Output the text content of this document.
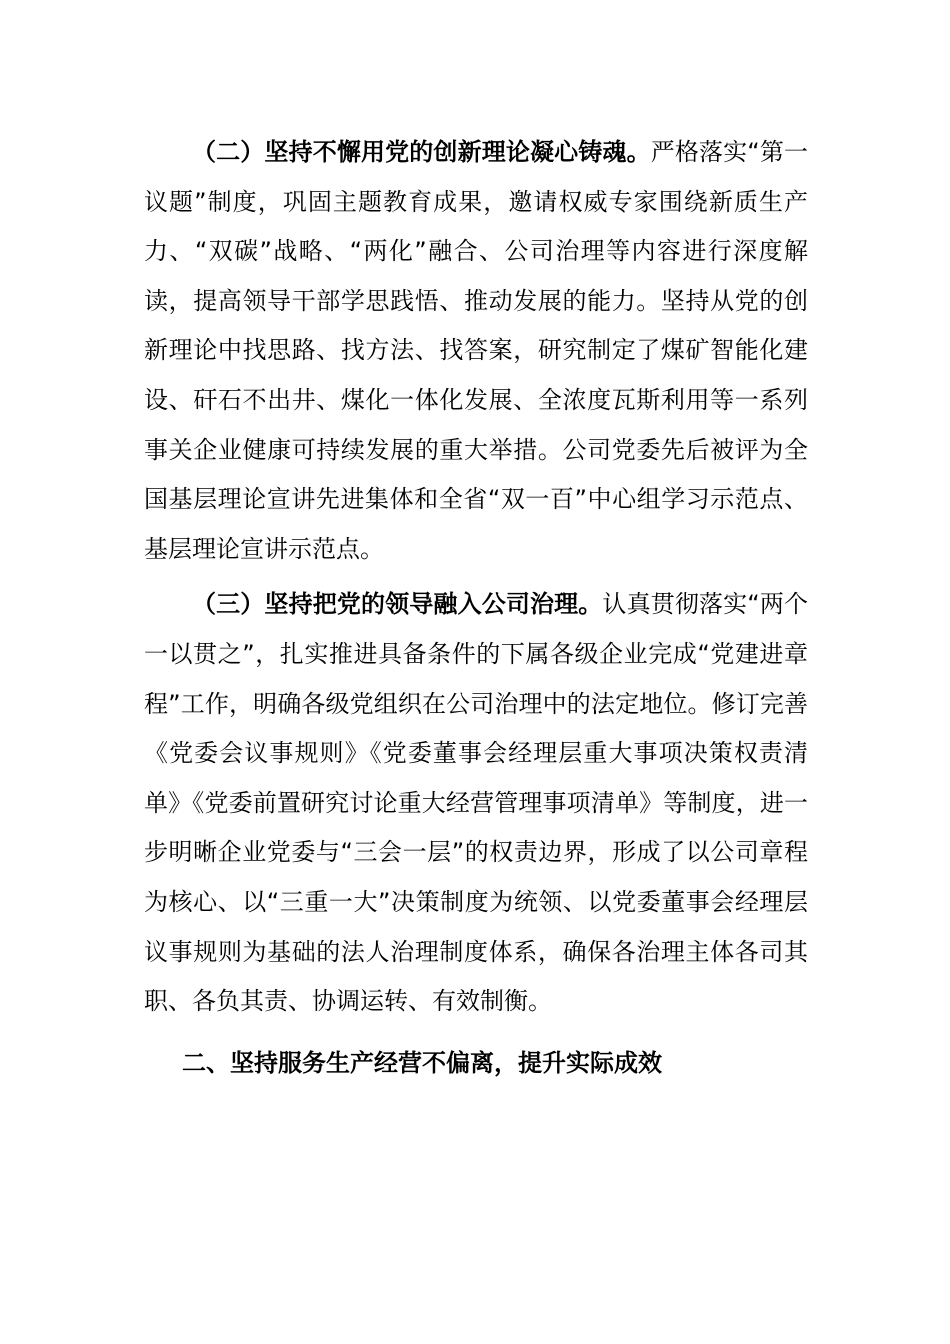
（二）坚持不懈用党的创新理论凝心铸魂。严格落实“第一议题”制度，巩固主题教育成果，邀请权威专家围绕新质生产力、“双碳”战略、“两化”融合、公司治理等内容进行深度解读，提高领导干部学思践悟、推动发展的能力。坚持从党的创新理论中找思路、找方法、找答案，研究制定了煤矿智能化建设、矸石不出井、煤化一体化发展、全浓度瓦斯利用等一系列事关企业健康可持续发展的重大举措。公司党委先后被评为全国基层理论宣讲先进集体和全省“双一百”中心组学习示范点、基层理论宣讲示范点。

（三）坚持把党的领导融入公司治理。认真贯彻落实“两个一以贯之”，扎实推进具备条件的下属各级企业完成“党建进章程”工作，明确各级党组织在公司治理中的法定地位。修订完善《党委会议事规则》《党委董事会经理层重大事项决策权责清单》《党委前置研究讨论重大经营管理事项清单》等制度，进一步明晰企业党委与“三会一层”的权责边界，形成了以公司章程为核心、以“三重一大”决策制度为统领、以党委董事会经理层议事规则为基础的法人治理制度体系，确保各治理主体各司其职、各负其责、协调运转、有效制衡。

二、坚持服务生产经营不偏离，提升实际成效
